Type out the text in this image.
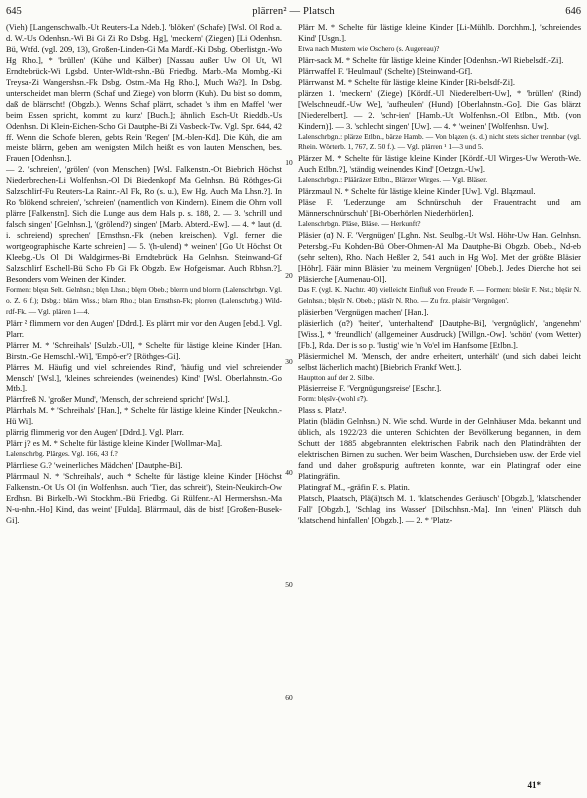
645	plärren² — Platsch	646

(Vieh) [Langenschwalb.-Ut Reuters-La Ndeb.]. 'blöken' (Schafe) [Wsl. Ol Rod a. d. W.-Us Odenhsn.-Wi Bi Gi Zi Ro Dsbg. Hg], 'meckern' (Ziegen) [Li Odenhsn. Bü, Wtfd. (vgl. 209, 13), Großen-Linden-Gi Ma Mardf.-Ki Dsbg. Oberlistgn.-Wo Hg Rho.], * 'brüllen' (Kühe und Kälber) [Nassau außer Uw Ol Ut, Wl Erndtebrück-Wi Lgsbd. Unter-Wldt-rshn.-Bü Friedbg. Marb.-Ma Mombg.-Ki Treysa-Zi Wangershsn.-Fk Dsbg. Ostm.-Ma Hg Rho.], Much Wa?]. In Dsbg. unterscheidet man blerrn (Schaf und Ziege) von blorrn (Kuh). Du bist so domm, daß de blärrscht! (Obgzb.). Wenns Schaf plärrt, schadet 's ihm en Maffel 'wer beim Essen spricht, kommt zu kurz' [Buch.]; ähnlich Esch-Ut Rieddb.-Us Odenhsn. Di Klein-Eichen-Scho Gi Dautphe-Bi Zi Vasbeck-Tw. Vgl. Spr. 644, 42 ff. Wenn die Schofe bleren, gebts Rein 'Regen' [M.-blen-Kd]. Die Küh, die am meiste blärrn, geben am wenigsten Milch heißt es von lauten Menschen, bes. Frauen [Odenhsn.].

— 2. 'schreien', 'grölen' (von Menschen) [Wsl. Falkenstn.-Ot Biebrich Höchst Niederbrechen-Li Wolfenhsn.-Ol Di Biedenkopf Ma Gelnhsn. Bü Röthges-Gi Salzschlirf-Fu Reuters-La Rainr.-Al Fk, Ro (s. u.), Ew Hg. Auch Ma Lhsn.?]. In Ro 'blökend schreien', 'schreien' (namentlich von Kindern). Einem die Ohrn voll plärre [Falkenstn]. Sich die Lunge aus dem Hals p. s. 188, 2. — 3. 'schrill und falsch singen' [Gelnhsn.], '(grölend?) singen' [Marb. Abterd.-Ew]. — 4. * laut (d. i. schreiend) sprechen' [Ernsthsn.-Fk (neben kreischen). Vgl. ferner die wortgeographische Karte schreien] — 5. '(h-ulend) * weinen' [Go Ut Höchst Ot Kleebg.-Us Ol Di Waldgirmes-Bi Erndtebrück Ha Gelnhsn. Steinwand-Gf Salzschlirf Eschell-Bü Scho Fb Gi Fk Obgzb. Ew Hofgeismar. Auch Rbhsn.?]. Besonders vom Weinen der Kinder.

Formen: blęsn Selt. Gelnhsn.; blęn Lhsn.; blęrn Obeb.; blerrn und blorrn (Lalenschrbgn. Vgl. o. Z. 6 f.); Dsbg.: blärn Wiss.; blarn Rho.; blan Ernsthsn-Fk; plorren (Lalenschrbg.) Wild-rdf-Fk. — Vgl. plären 1—4.

Plärr ² flimmern vor den Augen' [Ddrd.]. Es plärrt mir vor den Augen [ebd.]. Vgl. Plarr.

Plärrer M. * 'Schreihals' [Sulzb.-Ul], * Schelte für lästige kleine Kinder [Han. Birstn.-Ge Hemschl.-Wi], 'Empö-er'? [Röthges-Gi].

Plärres M. Häufig und viel schreiendes Rind', 'häufig und viel schreiender Mensch' [Wsl.], 'kleines schreiendes (weinendes) Kind' [Wsl. Oberlahnstn.-Go Mtb.].

Plärrfreß N. 'großer Mund', 'Mensch, der schreiend spricht' [Wsl.].

Plärrhals M. * 'Schreihals' [Han.], * Schelte für lästige kleine Kinder [Neukchn.-Hü Wi].

plärrig flimmerig vor den Augen' [Ddrd.]. Vgl. Plarr.

Plärr j? es M. * Schelte für lästige kleine Kinder [Wollmar-Ma].

Lalenschrbg. Plärges. Vgl. 166, 43 f.?

Plärrliese G.? 'weinerliches Mädchen' [Dautphe-Bi].

Plärrmaul N. * 'Schreihals', auch * Schelte für lästige kleine Kinder [Höchst Falkenstn.-Ot Us Ol (in Wolfenhsn. auch 'Tier, das schreit'), Stein-Neukirch-Ow Erdhsn. Bi Birkelb.-Wi Stockhm.-Bü Friedbg. Gi Rülfenr.-Al Hermershsn.-Ma N-u-nhn.-Ho] Kind, das weint' [Fulda]. Blärrmaul, däs de bist! [Großen-Busek-Gi].

Plärr M. * Schelte für lästige kleine Kinder [Li-Mühlb. Dorchhm.], 'schreiendes Kind' [Usgn.].

Etwa nach Mustern wie Oschero (s. Augereau)?

Plärr-sack M. * Schelte für lästige kleine Kinder [Odenhsn.-Wl Riebelsdf.-Zi].

Plärrwaffel F. 'Heulmaul' (Schelte) [Steinwand-Gf].

Plärrwanst M. * Schelte für lästige kleine Kinder [Ri-belsdf-Zi].

plärzen 1. 'meckern' (Ziege) [Kördf.-Ul Niederelbert-Uw], * 'brüllen' (Rind) [Welschneudf.-Uw We], 'aufheulen' (Hund) [Oberlahnstn.-Go]. Die Gas blärzt [Niederelbert]. — 2. 'schr-ien' [Hamb.-Ut Wolfenhsn.-Ol Etlbn., Mtb. (von Kindern)]. — 3. 'schlecht singen' [Uw]. — 4. * 'weinen' [Wolfenhsn. Uw].

Lalenschrbgn.: plärze Etlbn., bärze Hamb. — Von blązen (s. d.) nicht stets sicher trennbar (vgl. Rhein. Wörterb. 1, 767, Z. 50 f.). — Vgl. plärren ¹ 1—3 und 5.

Plärzer M. * Schelte für lästige kleine Kinder [Kördf.-Ul Wirges-Uw Weroth-We. Auch Etlbn.?], 'ständig weinendes Kind' [Oetzgn.-Uw].

Lalenschrbgn.: Plääräzer Etlbn., Blärzer Wirges. — Vgl. Bläser.

Plärzmaul N. * Schelte für lästige kleine Kinder [Uw]. Vgl. Blązmaul.

Pläse F. 'Lederzunge am Schnürschuh der Frauentracht und am Männerschnürschuh' [Bi-Oberhörlen Niederhörlen].

Lalenschrbgn. Pläse, Bläse. — Herkunft?

Pläsier (ɑ̃) N. F. 'Vergnügen' [Lghn. Nst. Seulbg.-Ut Wsl. Höhr-Uw Han. Gelnhsn. Petersbg.-Fu Kohden-Bü Ober-Ohmen-Al Ma Dautphe-Bi Obgzb. Obeb., Nd-eb (sehr selten), Rho. Nach Heßler 2, 541 auch in Hg Wo]. Met der größte Bläsier [Höhr]. Fäär minn Bläsier 'zu meinem Vergnügen' [Obeb.]. Jedes Dierche hot sei Pläsierche [Aumenau-Ol].

Das F. (vgl. K. Nachtr. 40) vielleicht Einfluß von Freude F. — Formen: bleśir F. Nst.; blęśir N. Gelnhsn.; blęsīr N. Obeb.; pläsīr N. Rho. — Zu frz. plaisir 'Vergnügen'.

pläsierben 'Vergnügen machen' [Han.].

pläsierlich (ɑ̃?) 'heiter', 'unterhaltend' [Dautphe-Bi], 'vergnüglich', 'angenehm' [Wiss.], * 'freundlich' (allgemeiner Ausdruck) [Willgn.-Ow]. 'schön' (vom Wetter) [Fb.], Rda. Der is so p. 'lustig' wie 'n Vo'el im Hanfsome [Etlbn.].

Pläsiermichel M. 'Mensch, der andre erheitert, unterhält' (und sich dabei leicht selbst lächerlich macht) [Biebrich Frankf Wett.].

Hauptton auf der 2. Silbe.

Pläsierreise F. 'Vergnügungsreise' [Eschr.].

Form: blęsīv-(wohl ɛ̃?).

Plass s. Platz¹.

Platin (blädin Gelnhsn.) N. Wie schd. Wurde in der Gelnhäuser Mda. bekannt und üblich, als 1922/23 die unteren Schichten der Bevölkerung begannen, in dem Schutt der 1885 abgebrannten elektrischen Fabrik nach den Platindrähten der elektrischen Birnen zu suchen. Wer beim Waschen, Durchsieben usw. der Erde viel fand und daher großspurig auftreten konnte, war ein Platingraf oder eine Platingräfin.

Platingraf M., -gräfin F. s. Platin.

Platsch, Plaatsch, Plä(ä)tsch M. 1. 'klatschendes Geräusch' [Obgzb.], 'klatschender Fall' [Obgzb.], 'Schlag ins Wasser' [Dilschhsn.-Ma]. Inn 'einen' Plätsch duh 'klatschend hinfallen' [Obgzb.]. — 2. * 'Platz-

10
20
30
40
50
60
41*
